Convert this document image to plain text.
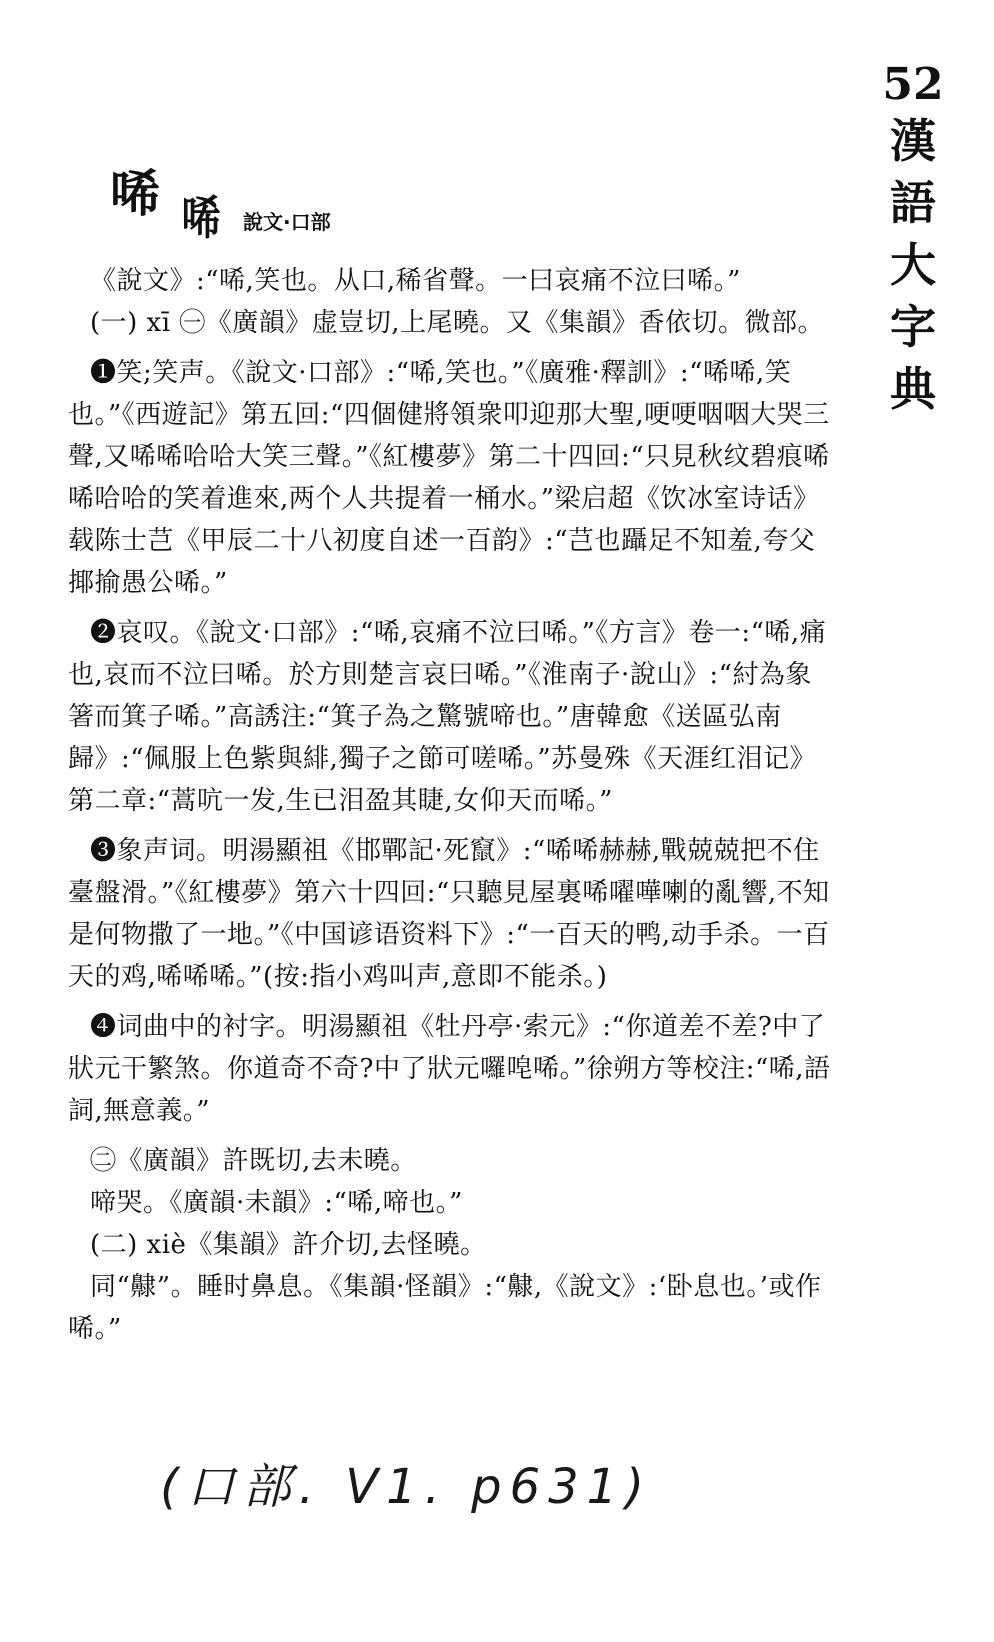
52
漢語大字典
唏 唏 說文·口部

《說文》:“唏,笑也。从口,稀省聲。一曰哀痛不泣曰唏。”

(一) xī ㊀《廣韻》虚豈切,上尾曉。又《集韻》香依切。微部。

❶笑;笑声。《說文·口部》:“唏,笑也。”《廣雅·釋訓》:“唏唏,笑也。”《西遊記》第五回:“四個健將領衆叩迎那大聖,哽哽咽咽大哭三聲,又唏唏哈哈大笑三聲。”《紅樓夢》第二十四回:“只見秋纹碧痕唏唏哈哈的笑着進來,两个人共提着一桶水。”梁启超《饮冰室诗话》载陈士芑《甲辰二十八初度自述一百韵》:“芑也躡足不知羞,夸父揶揄愚公唏。”

❷哀叹。《說文·口部》:“唏,哀痛不泣曰唏。”《方言》卷一:“唏,痛也,哀而不泣曰唏。於方則楚言哀曰唏。”《淮南子·說山》:“紂為象箸而箕子唏。”高誘注:“箕子為之驚號啼也。”唐韓愈《送區弘南歸》:“佩服上色紫與緋,獨子之節可嗟唏。”苏曼殊《天涯红泪记》第二章:“蒿吭一发,生已泪盈其睫,女仰天而唏。”

❸象声词。明湯顯祖《邯鄲記·死竄》:“唏唏赫赫,戰兢兢把不住臺盤滑。”《紅樓夢》第六十四回:“只聽見屋裏唏嚁嘩喇的亂響,不知是何物撒了一地。”《中国谚语资料下》:“一百天的鸭,动手杀。一百天的鸡,唏唏唏。”(按:指小鸡叫声,意即不能杀。)

❹词曲中的衬字。明湯顯祖《牡丹亭·索元》:“你道差不差?中了狀元干繁煞。你道奇不奇?中了狀元囉唣唏。”徐朔方等校注:“唏,語詞,無意義。”

㊁《廣韻》許既切,去未曉。

啼哭。《廣韻·未韻》:“唏,啼也。”

(二) xiè《集韻》許介切,去怪曉。

同“齂”。睡时鼻息。《集韻·怪韻》:“齂,《說文》:‘卧息也。’或作唏。”

(口部. V1. p631)
